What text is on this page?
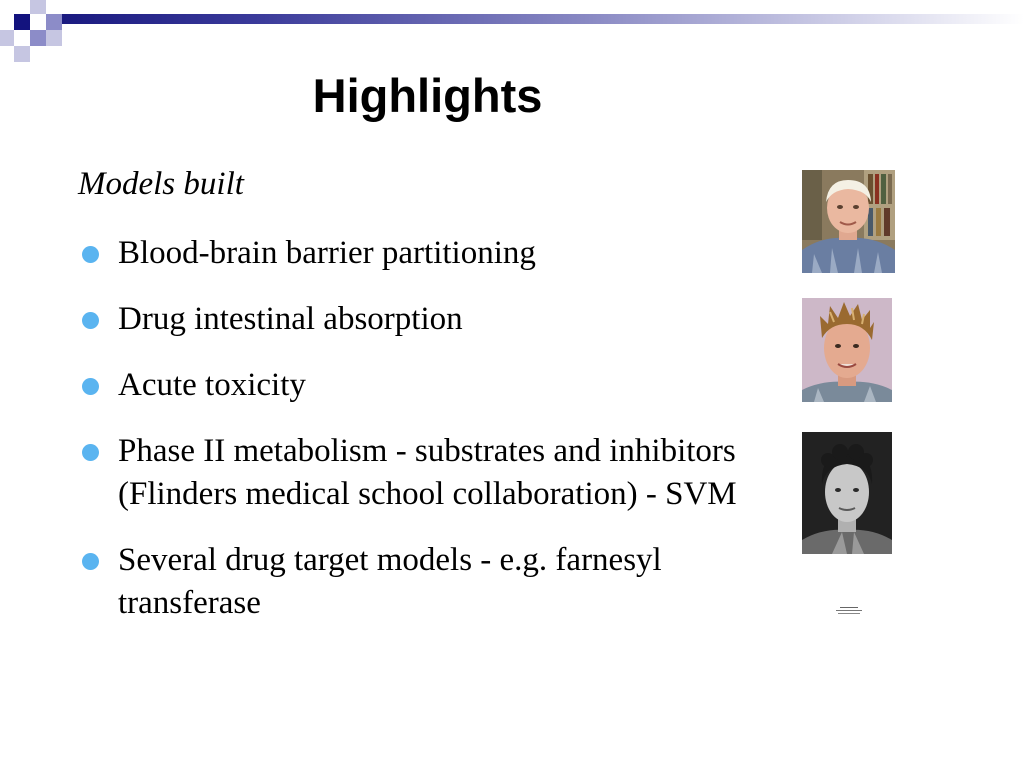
Highlights
Models built
Blood-brain barrier partitioning
Drug intestinal absorption
Acute toxicity
Phase II metabolism - substrates and inhibitors (Flinders medical school collaboration) - SVM
Several drug target models - e.g. farnesyl transferase
